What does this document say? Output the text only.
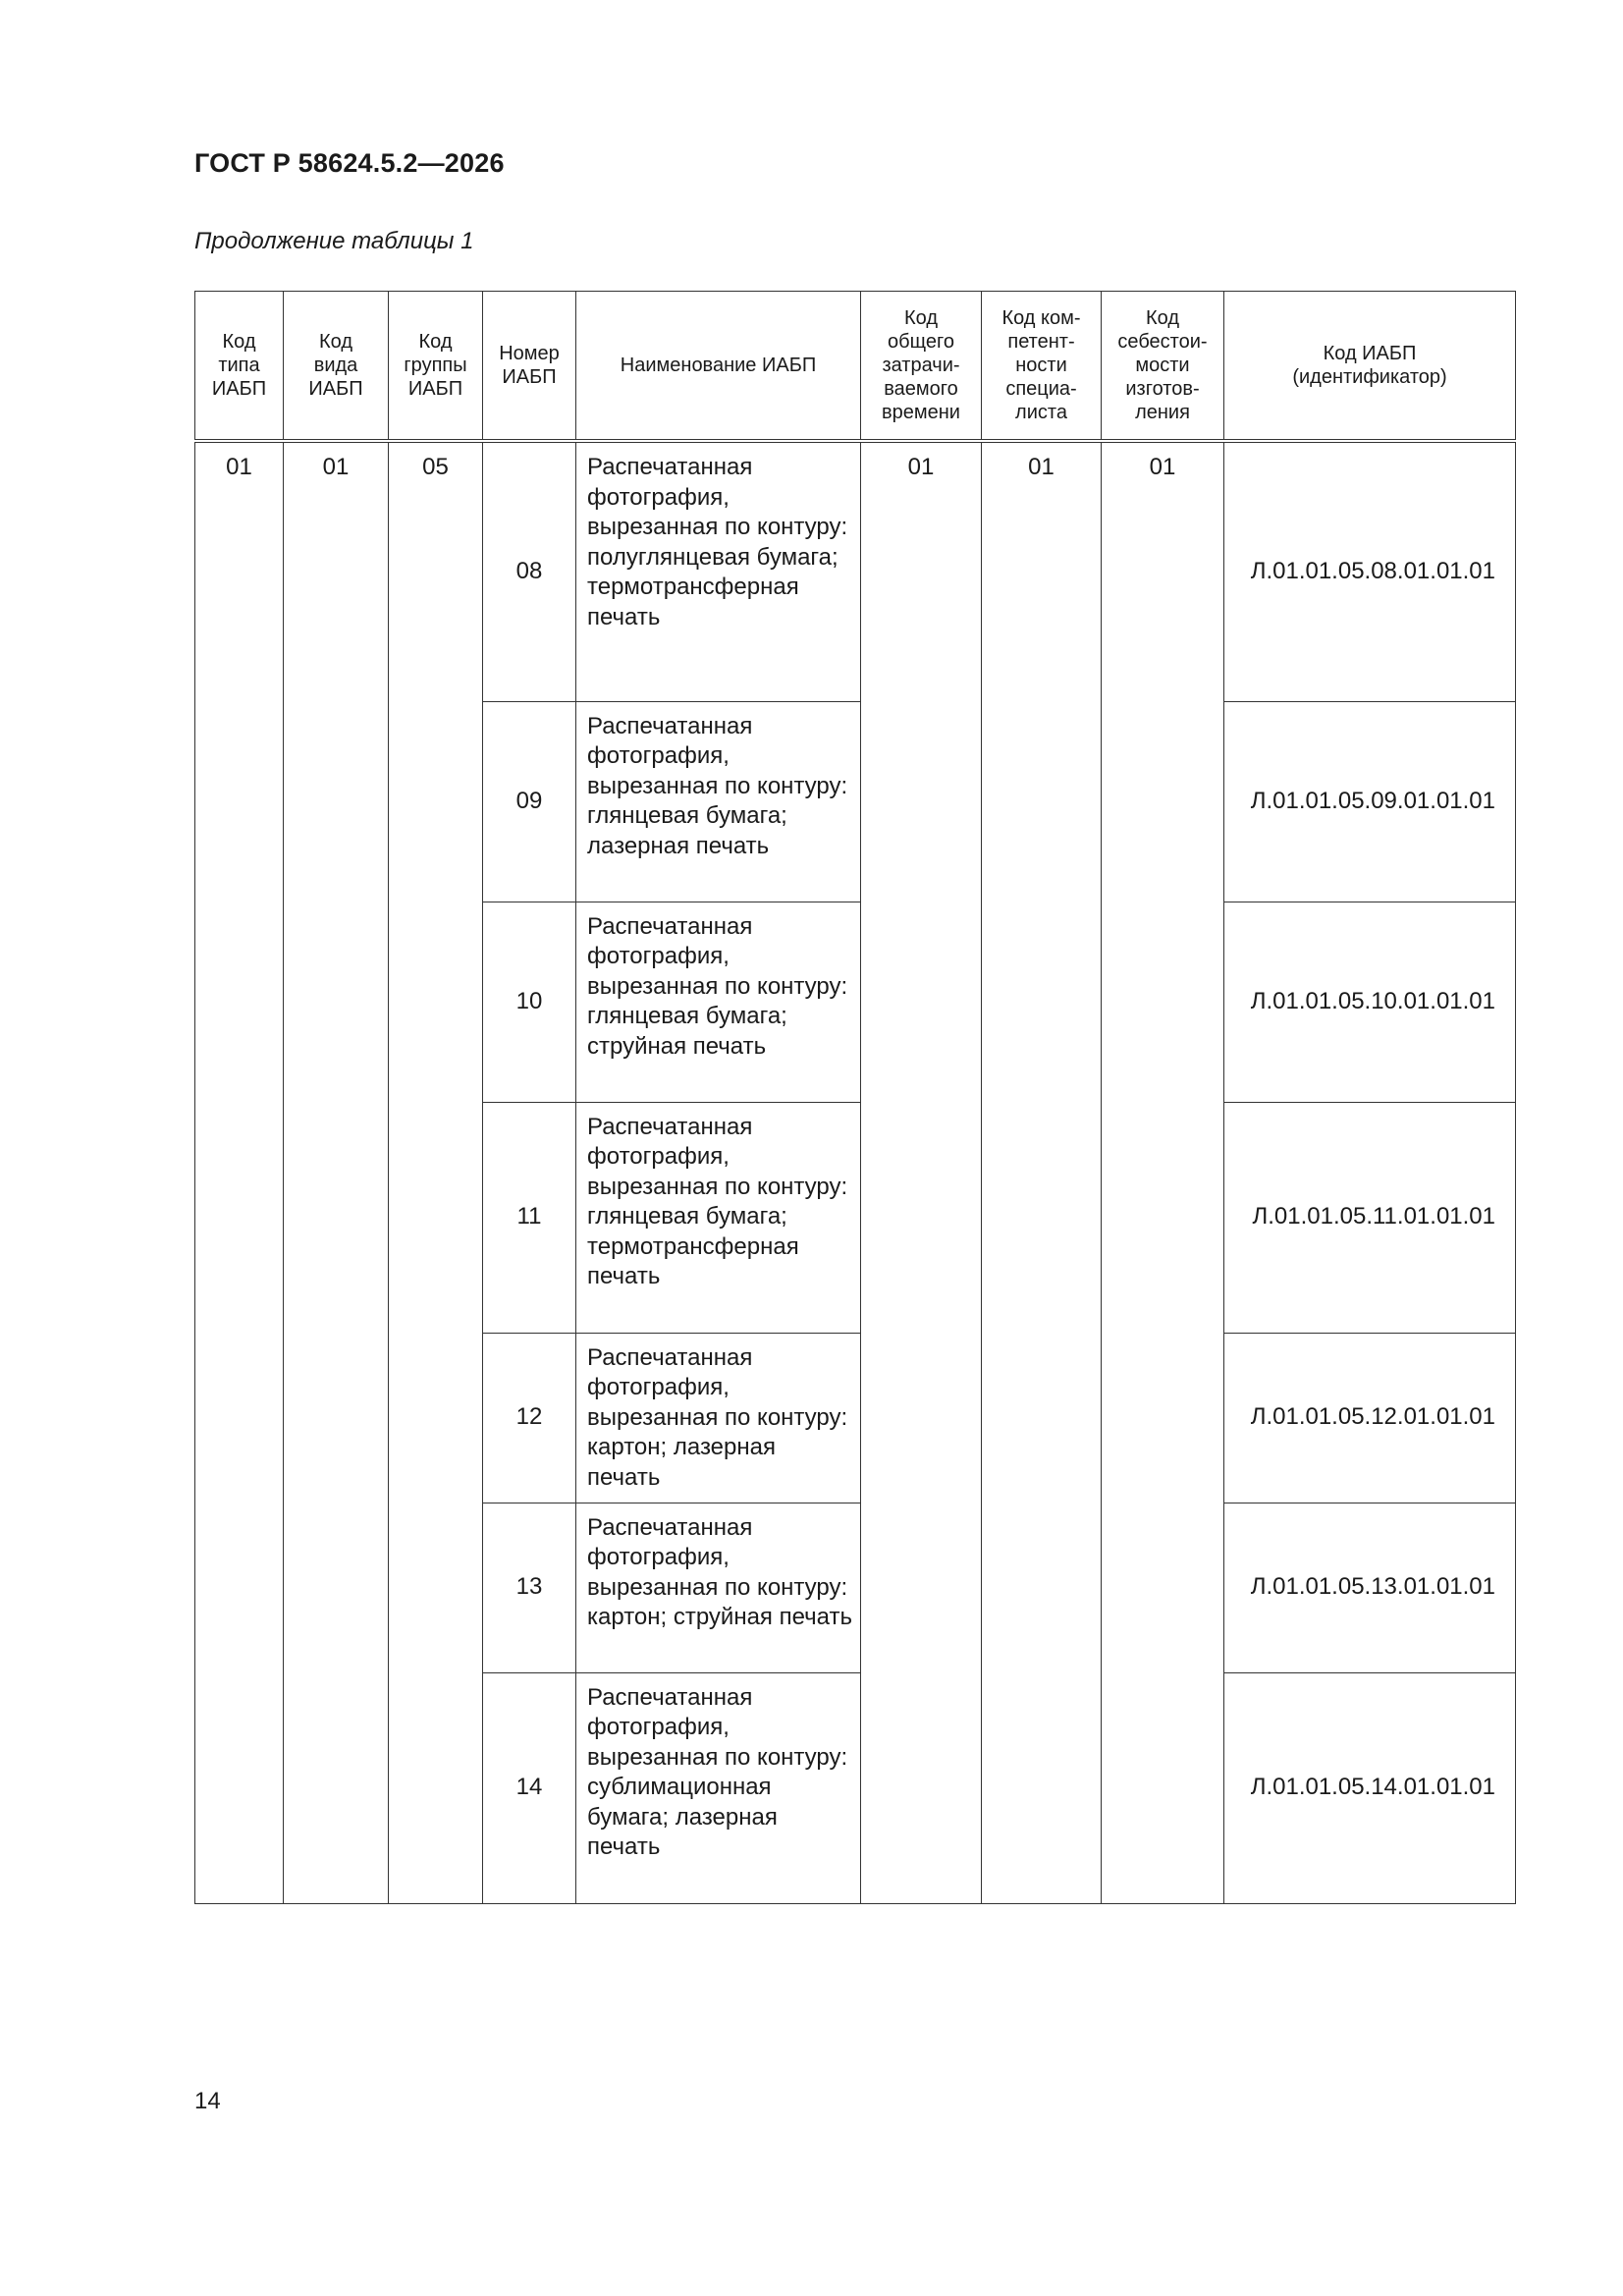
ГОСТ Р 58624.5.2—2026
Продолжение таблицы 1
Код
типа
ИАБП	Код
вида
ИАБП	Код
группы
ИАБП	Номер
ИАБП	Наименование ИАБП	Код
общего
затрачи-
ваемого
времени	Код ком-
петент-
ности
специа-
листа	Код
себестои-
мости
изготов-
ления	Код ИАБП
(идентификатор)
01	01	05	08	Распечатанная фотография, вырезанная по контуру: полуглянцевая бумага; термотрансферная печать	01	01	01	Л.01.01.05.08.01.01.01
			09	Распечатанная фотография, вырезанная по контуру: глянцевая бумага; лазерная печать				Л.01.01.05.09.01.01.01
			10	Распечатанная фотография, вырезанная по контуру: глянцевая бумага; струйная печать				Л.01.01.05.10.01.01.01
			11	Распечатанная фотография, вырезанная по контуру: глянцевая бумага; термотрансферная печать				Л.01.01.05.11.01.01.01
			12	Распечатанная фотография, вырезанная по контуру: картон; лазерная печать				Л.01.01.05.12.01.01.01
			13	Распечатанная фотография, вырезанная по контуру: картон; струйная печать				Л.01.01.05.13.01.01.01
			14	Распечатанная фотография, вырезанная по контуру: сублимационная бумага; лазерная печать				Л.01.01.05.14.01.01.01
14
